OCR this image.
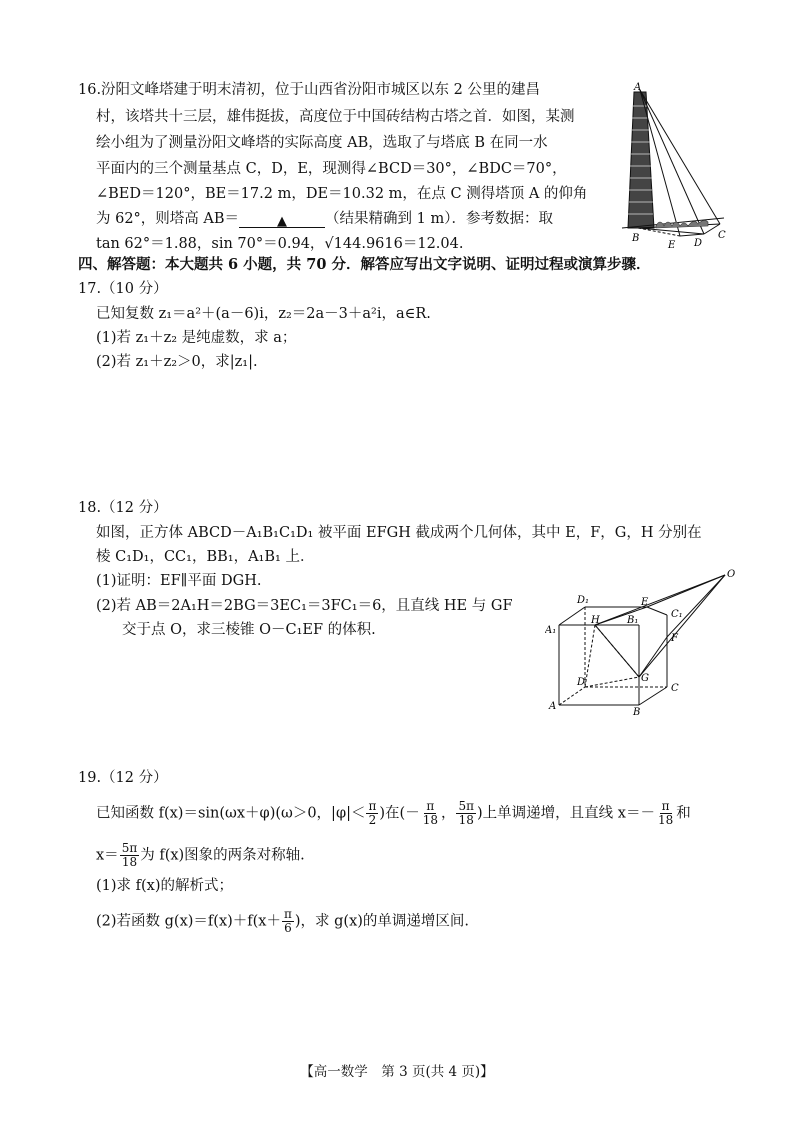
16.汾阳文峰塔建于明末清初，位于山西省汾阳市城区以东 2 公里的建昌
村，该塔共十三层，雄伟挺拔，高度位于中国砖结构古塔之首．如图，某测
绘小组为了测量汾阳文峰塔的实际高度 AB，选取了与塔底 B 在同一水
平面内的三个测量基点 C，D，E，现测得∠BCD＝30°，∠BDC＝70°，
∠BED＝120°，BE＝17.2 m，DE＝10.32 m，在点 C 测得塔顶 A 的仰角
为 62°，则塔高 AB＝	▲	（结果精确到 1 m）．参考数据：取
tan 62°＝1.88，sin 70°＝0.94，√144.9616＝12.04.
A
B
E D
C
四、解答题：本大题共 6 小题，共 70 分．解答应写出文字说明、证明过程或演算步骤．
17.（10 分）
已知复数 z₁＝a²＋(a－6)i，z₂＝2a－3＋a²i，a∈R.
(1)若 z₁＋z₂ 是纯虚数，求 a；
(2)若 z₁＋z₂＞0，求|z₁|.
18.（12 分）
如图，正方体 ABCD－A₁B₁C₁D₁ 被平面 EFGH 截成两个几何体，其中 E，F，G，H 分别在
棱 C₁D₁，CC₁，BB₁，A₁B₁ 上．
(1)证明：EF∥平面 DGH.
(2)若 AB＝2A₁H＝2BG＝3EC₁＝3FC₁＝6，且直线 HE 与 GF
交于点 O，求三棱锥 O－C₁EF 的体积.
O
D₁	E
C₁
H	B₁
A₁
F
D	G
C
A
B
19.（12 分）
已知函数 f(x)＝sin(ωx＋φ)(ω＞0，$|\varphi|< \frac{\pi}{2}$ )在(－ $\frac{\pi}{18}$ ， $\frac{5\pi}{18}$ )上单调递增，且直线 $x=- \frac{\pi}{18}$ 和
$x= \frac{5\pi}{18}$ 为 f(x)图象的两条对称轴.
(1)求 f(x)的解析式；
(2)若函数 $g(x)=f(x)+f(x+ \frac{\pi}{6}$ )，求 g(x)的单调递增区间.
【高一数学　第 3 页(共 4 页)】
